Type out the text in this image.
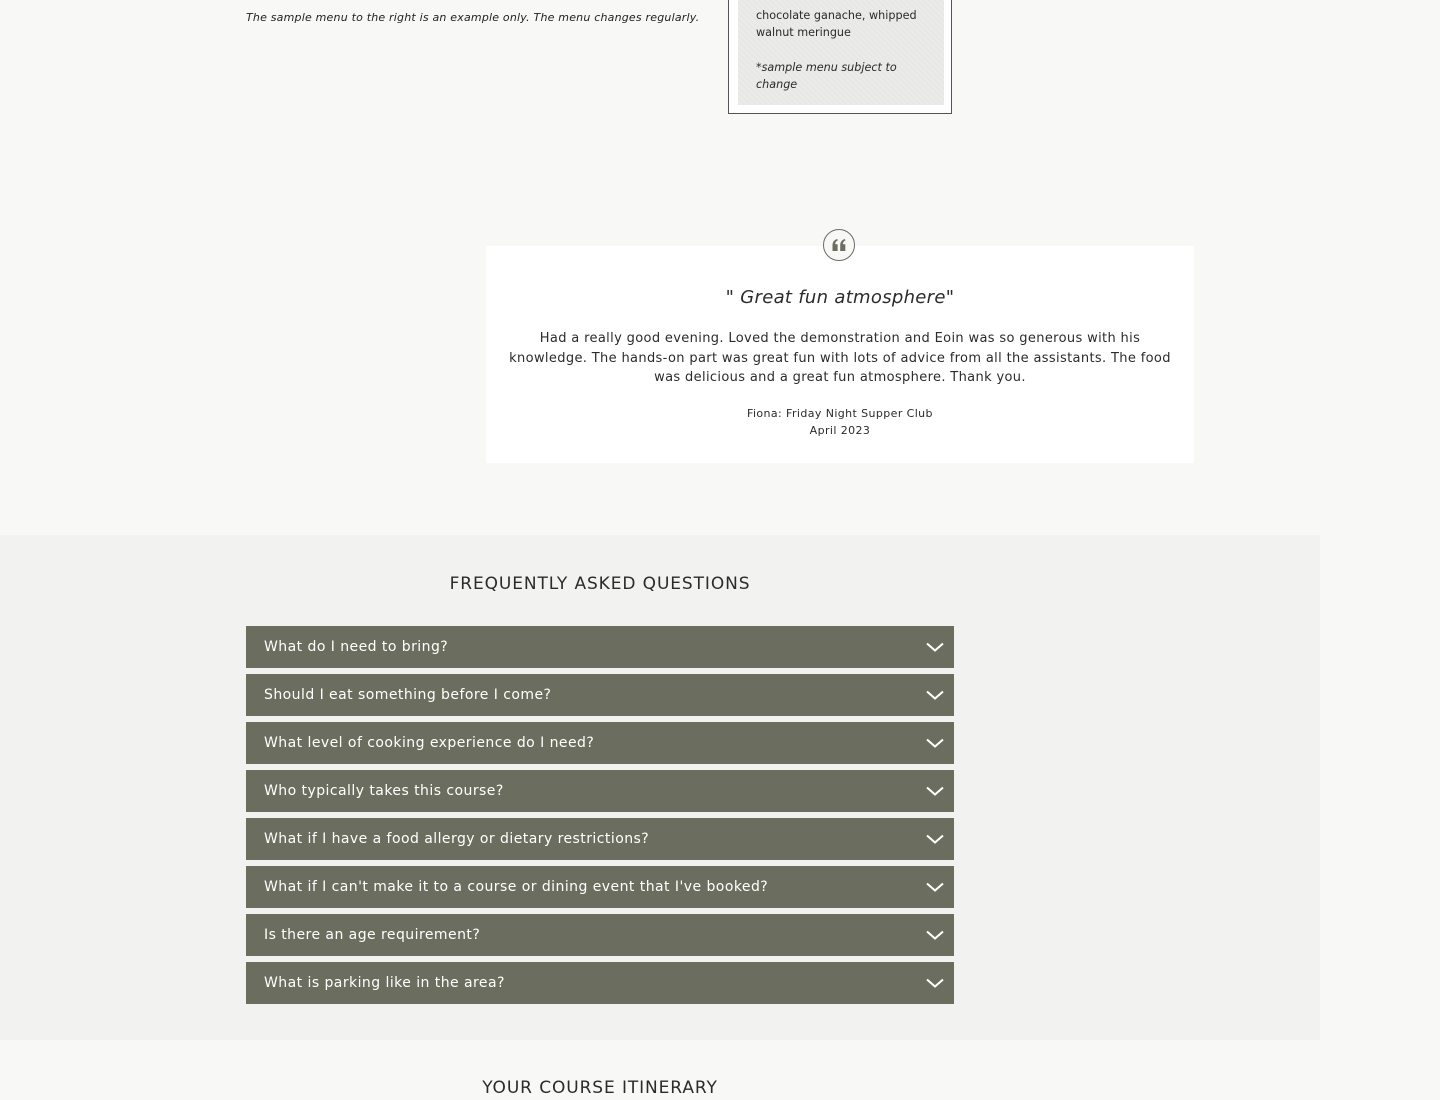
The sample menu to the right is an example only. The menu changes regularly.	chocolate ganache, whipped walnut meringue

*sample menu subject to change

" Great fun atmosphere"
Had a really good evening. Loved the demonstration and Eoin was so generous with his knowledge. The hands-on part was great fun with lots of advice from all the assistants. The food was delicious and a great fun atmosphere. Thank you.
Fiona: Friday Night Supper Club
April 2023
FREQUENTLY ASKED QUESTIONS
What do I need to bring?
Should I eat something before I come?
What level of cooking experience do I need?
Who typically takes this course?
What if I have a food allergy or dietary restrictions?
What if I can't make it to a course or dining event that I've booked?
Is there an age requirement?
What is parking like in the area?
YOUR COURSE ITINERARY
